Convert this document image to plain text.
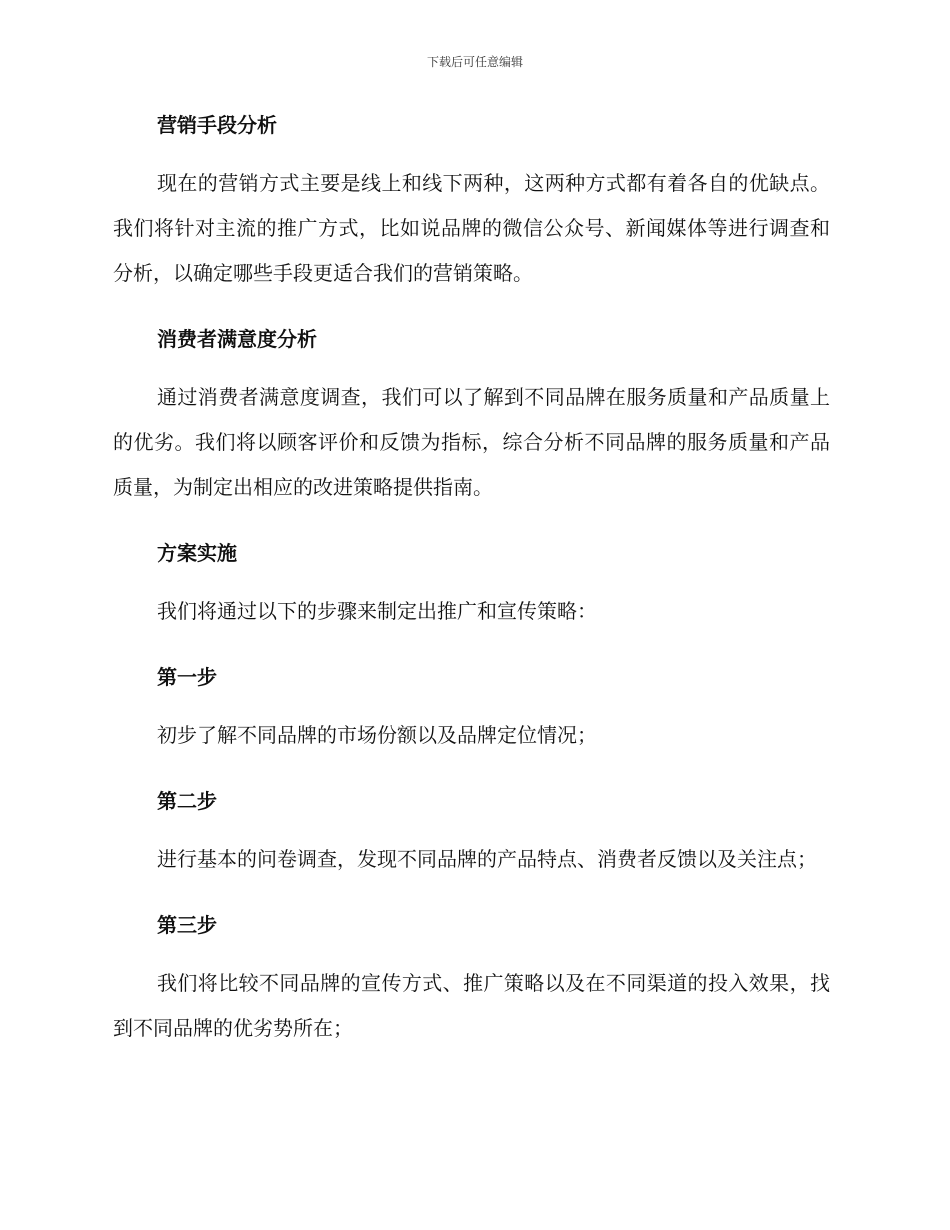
下载后可任意编辑
营销手段分析

现在的营销方式主要是线上和线下两种，这两种方式都有着各自的优缺点。我们将针对主流的推广方式，比如说品牌的微信公众号、新闻媒体等进行调查和分析，以确定哪些手段更适合我们的营销策略。

消费者满意度分析

通过消费者满意度调查，我们可以了解到不同品牌在服务质量和产品质量上的优劣。我们将以顾客评价和反馈为指标，综合分析不同品牌的服务质量和产品质量，为制定出相应的改进策略提供指南。

方案实施

我们将通过以下的步骤来制定出推广和宣传策略：

第一步

初步了解不同品牌的市场份额以及品牌定位情况；

第二步

进行基本的问卷调查，发现不同品牌的产品特点、消费者反馈以及关注点；

第三步

我们将比较不同品牌的宣传方式、推广策略以及在不同渠道的投入效果，找到不同品牌的优劣势所在；
